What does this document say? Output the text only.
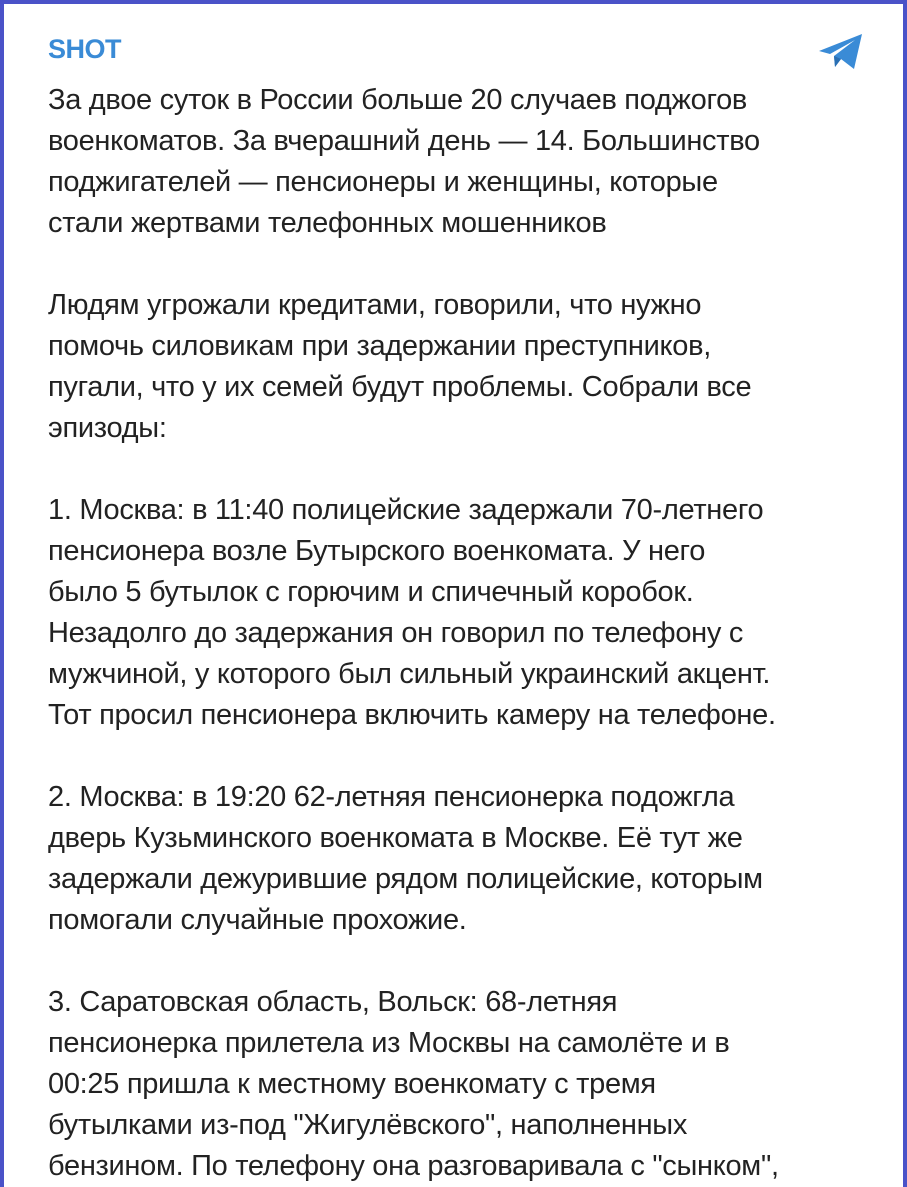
SHOT

За двое суток в России больше 20 случаев поджогов
военкоматов. За вчерашний день — 14. Большинство
поджигателей — пенсионеры и женщины, которые
стали жертвами телефонных мошенников

Людям угрожали кредитами, говорили, что нужно
помочь силовикам при задержании преступников,
пугали, что у их семей будут проблемы. Собрали все
эпизоды:

1. Москва: в 11:40 полицейские задержали 70-летнего
пенсионера возле Бутырского военкомата. У него
было 5 бутылок с горючим и спичечный коробок.
Незадолго до задержания он говорил по телефону с
мужчиной, у которого был сильный украинский акцент.
Тот просил пенсионера включить камеру на телефоне.

2. Москва: в 19:20 62-летняя пенсионерка подожгла
дверь Кузьминского военкомата в Москве. Её тут же
задержали дежурившие рядом полицейские, которым
помогали случайные прохожие.

3. Саратовская область, Вольск: 68-летняя
пенсионерка прилетела из Москвы на самолёте и в
00:25 пришла к местному военкомату с тремя
бутылками из-под "Жигулёвского", наполненных
бензином. По телефону она разговаривала с "сынком",
